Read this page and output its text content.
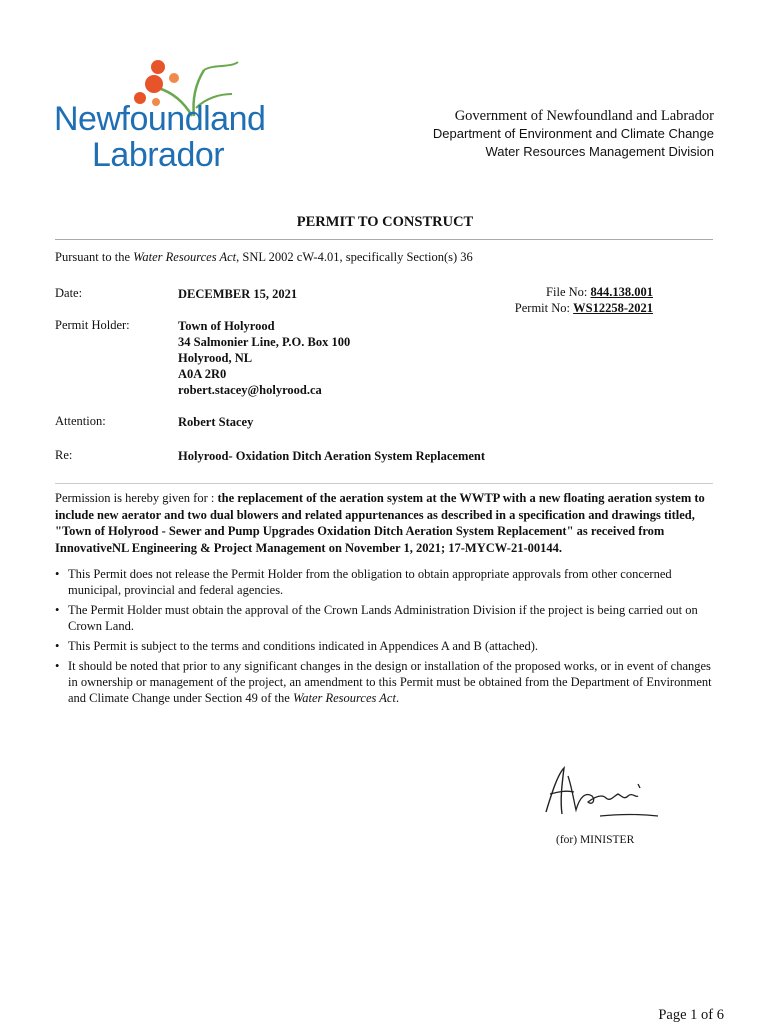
Newfoundland
Labrador
Government of Newfoundland and Labrador
Department of Environment and Climate Change
Water Resources Management Division
PERMIT TO CONSTRUCT
Pursuant to the Water Resources Act, SNL 2002 cW-4.01, specifically Section(s) 36
Date:	DECEMBER 15, 2021	File No: 844.138.001
Permit No: WS12258-2021
Permit Holder:	Town of Holyrood
34 Salmonier Line, P.O. Box 100
Holyrood, NL
A0A 2R0
robert.stacey@holyrood.ca
Attention:	Robert Stacey
Re:	Holyrood- Oxidation Ditch Aeration System Replacement
Permission is hereby given for : the replacement of the aeration system at the WWTP with a new floating aeration system to include new aerator and two dual blowers and related appurtenances as described in a specification and drawings titled, "Town of Holyrood - Sewer and Pump Upgrades Oxidation Ditch Aeration System Replacement" as received from InnovativeNL Engineering & Project Management on November 1, 2021; 17-MYCW-21-00144.
• This Permit does not release the Permit Holder from the obligation to obtain appropriate approvals from other concerned municipal, provincial and federal agencies.
• The Permit Holder must obtain the approval of the Crown Lands Administration Division if the project is being carried out on Crown Land.
• This Permit is subject to the terms and conditions indicated in Appendices A and B (attached).
• It should be noted that prior to any significant changes in the design or installation of the proposed works, or in event of changes in ownership or management of the project, an amendment to this Permit must be obtained from the Department of Environment and Climate Change under Section 49 of the Water Resources Act.
(for) MINISTER
Page 1 of 6
